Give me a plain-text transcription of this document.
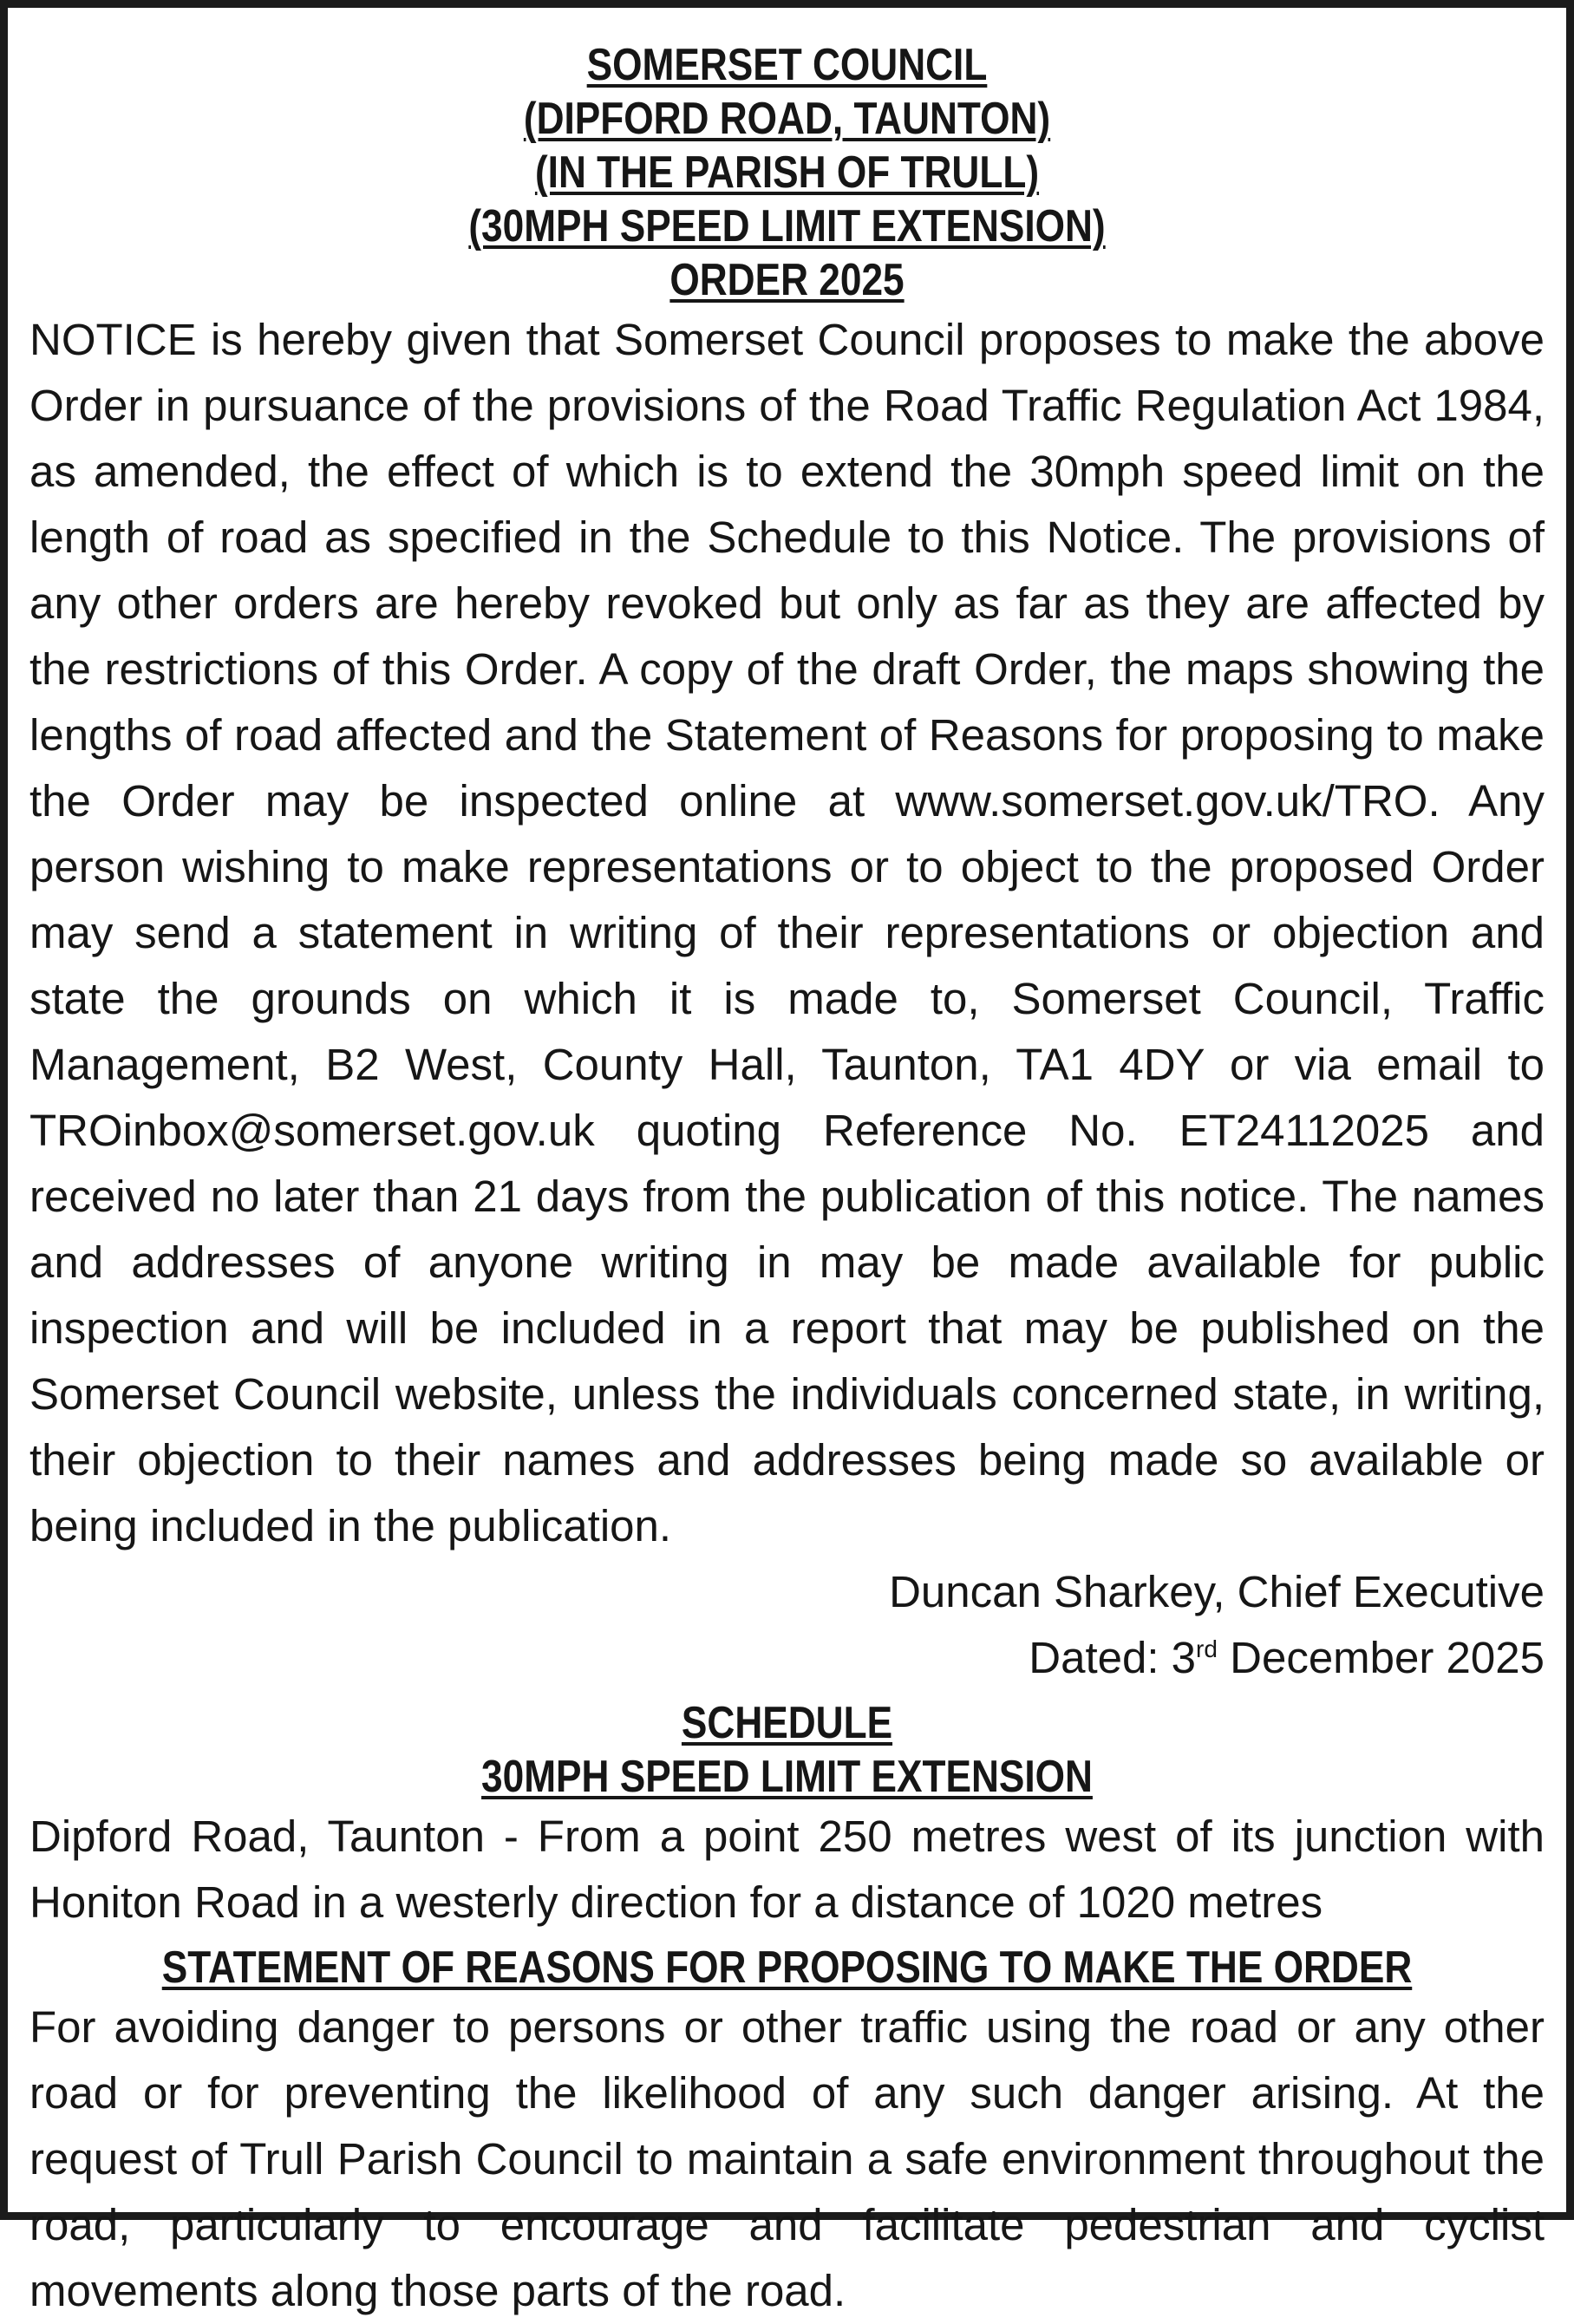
SOMERSET COUNCIL
(DIPFORD ROAD, TAUNTON)
(IN THE PARISH OF TRULL)
(30MPH SPEED LIMIT EXTENSION)
ORDER 2025

NOTICE is hereby given that Somerset Council proposes to make the above Order in pursuance of the provisions of the Road Traffic Regulation Act 1984, as amended, the effect of which is to extend the 30mph speed limit on the length of road as specified in the Schedule to this Notice. The provisions of any other orders are hereby revoked but only as far as they are affected by the restrictions of this Order. A copy of the draft Order, the maps showing the lengths of road affected and the Statement of Reasons for proposing to make the Order may be inspected online at www.somerset.gov.uk/TRO. Any person wishing to make representations or to object to the proposed Order may send a statement in writing of their representations or objection and state the grounds on which it is made to, Somerset Council, Traffic Management, B2 West, County Hall, Taunton, TA1 4DY or via email to TROinbox@somerset.gov.uk quoting Reference No. ET24112025 and received no later than 21 days from the publication of this notice. The names and addresses of anyone writing in may be made available for public inspection and will be included in a report that may be published on the Somerset Council website, unless the individuals concerned state, in writing, their objection to their names and addresses being made so available or being included in the publication.

Duncan Sharkey, Chief Executive

Dated: 3rd December 2025

SCHEDULE
30MPH SPEED LIMIT EXTENSION

Dipford Road, Taunton - From a point 250 metres west of its junction with Honiton Road in a westerly direction for a distance of 1020 metres

STATEMENT OF REASONS FOR PROPOSING TO MAKE THE ORDER

For avoiding danger to persons or other traffic using the road or any other road or for preventing the likelihood of any such danger arising. At the request of Trull Parish Council to maintain a safe environment throughout the road, particularly to encourage and facilitate pedestrian and cyclist movements along those parts of the road.
